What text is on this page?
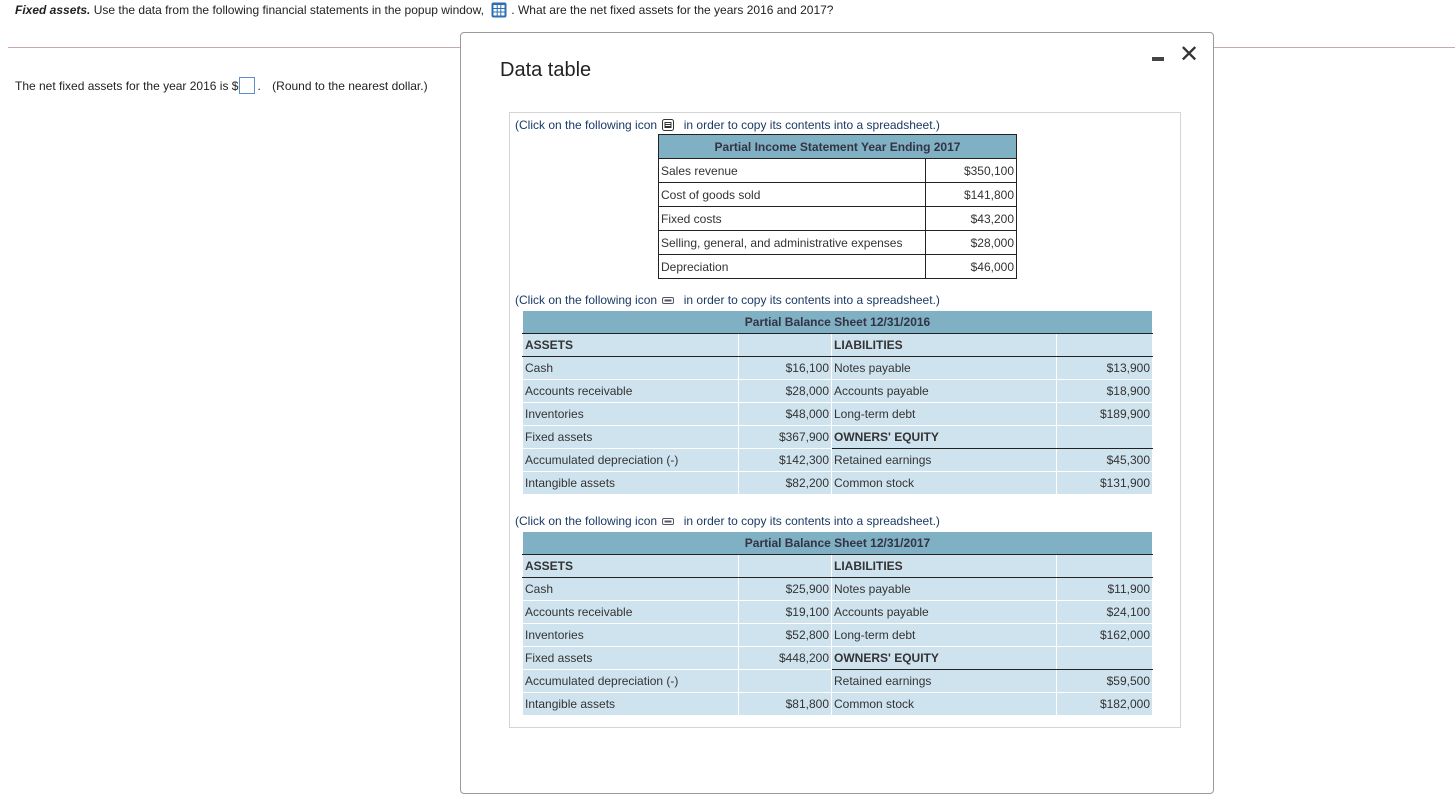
Fixed assets. Use the data from the following financial statements in the popup window, . What are the net fixed assets for the years 2016 and 2017?
The net fixed assets for the year 2016 is $ . (Round to the nearest dollar.)
Data table
✕
(Click on the following icon  in order to copy its contents into a spreadsheet.)
Partial Income Statement Year Ending 2017	
Sales revenue	$350,100
Cost of goods sold	$141,800
Fixed costs	$43,200
Selling, general, and administrative expenses	$28,000
Depreciation	$46,000
(Click on the following icon  in order to copy its contents into a spreadsheet.)
Partial Balance Sheet 12/31/2016			
ASSETS		LIABILITIES	
Cash	$16,100	Notes payable	$13,900
Accounts receivable	$28,000	Accounts payable	$18,900
Inventories	$48,000	Long-term debt	$189,900
Fixed assets	$367,900	OWNERS' EQUITY	
Accumulated depreciation (-)	$142,300	Retained earnings	$45,300
Intangible assets	$82,200	Common stock	$131,900
(Click on the following icon  in order to copy its contents into a spreadsheet.)
Partial Balance Sheet 12/31/2017			
ASSETS		LIABILITIES	
Cash	$25,900	Notes payable	$11,900
Accounts receivable	$19,100	Accounts payable	$24,100
Inventories	$52,800	Long-term debt	$162,000
Fixed assets	$448,200	OWNERS' EQUITY	
Accumulated depreciation (-)		Retained earnings	$59,500
Intangible assets	$81,800	Common stock	$182,000
